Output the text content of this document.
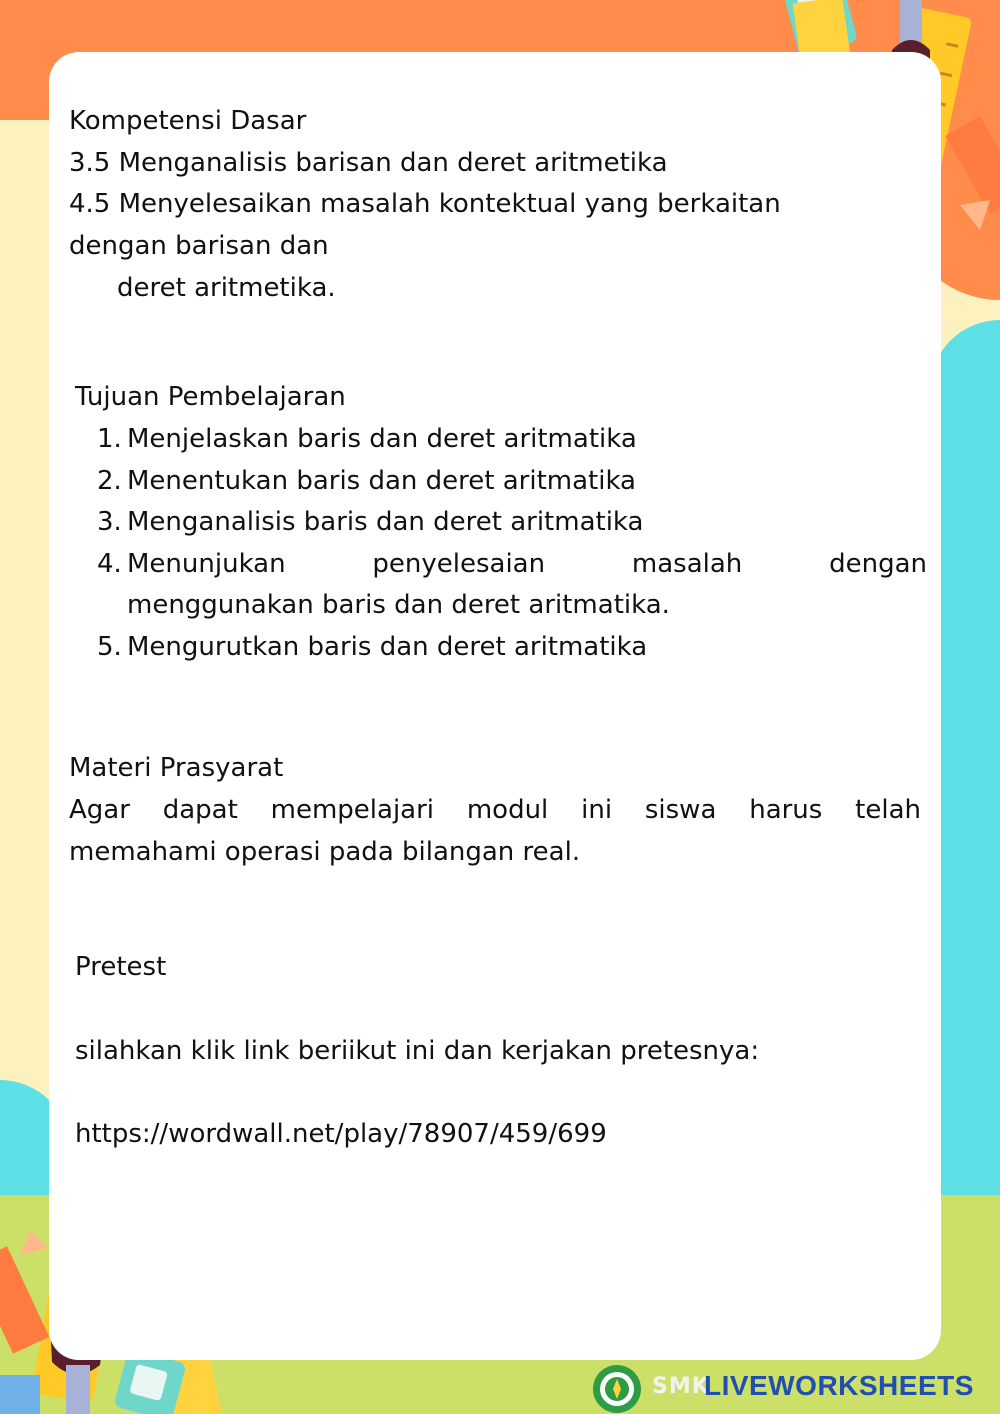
Kompetensi Dasar

3.5 Menganalisis barisan dan deret aritmetika

4.5 Menyelesaikan masalah kontektual yang berkaitan

dengan barisan dan

deret aritmetika.

Tujuan Pembelajaran

1. Menjelaskan baris dan deret aritmatika
2. Menentukan baris dan deret aritmatika
3. Menganalisis baris dan deret aritmatika
4. Menunjukan penyelesaian masalah dengan
menggunakan baris dan deret aritmatika.
5. Mengurutkan baris dan deret aritmatika

Materi Prasyarat

Agar dapat mempelajari modul ini siswa harus telah

memahami operasi pada bilangan real.

Pretest

silahkan klik link beriikut ini dan kerjakan pretesnya:

https://wordwall.net/play/78907/459/699

SMK
LIVEWORKSHEETS
